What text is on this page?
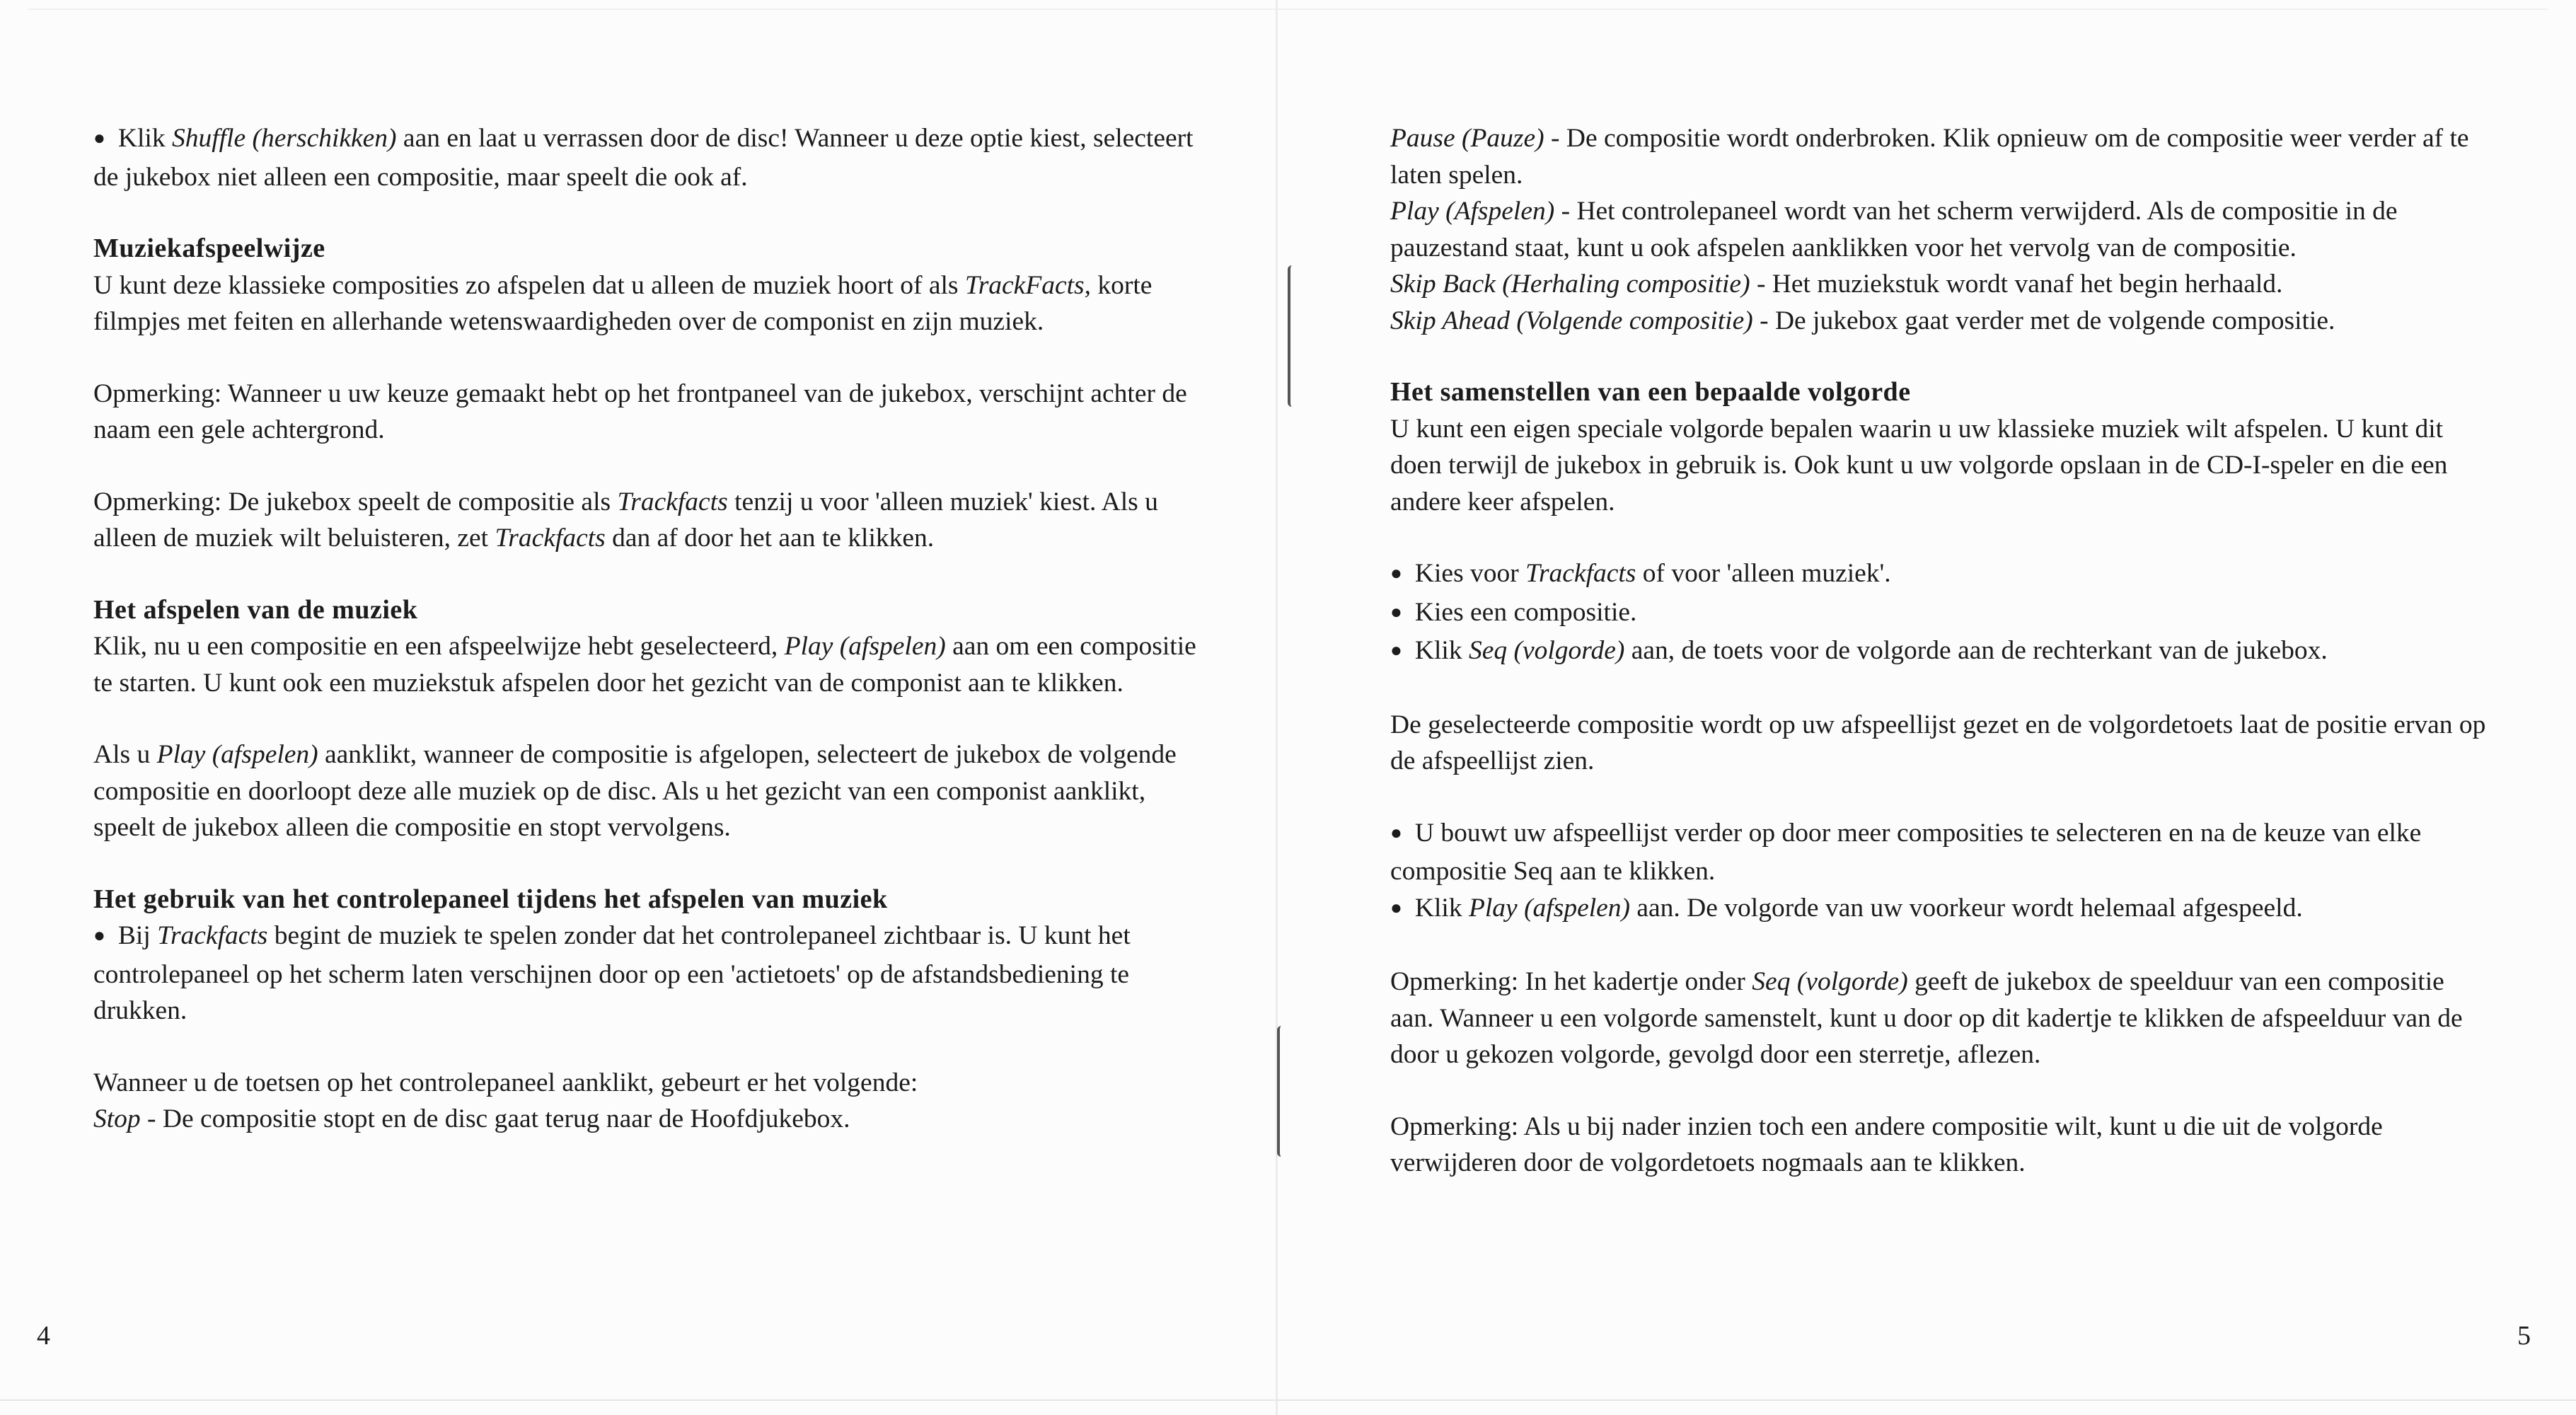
● Klik Shuffle (herschikken) aan en laat u verrassen door de disc! Wanneer u deze optie kiest, selecteert de jukebox niet alleen een compositie, maar speelt die ook af.

Muziekafspeelwijze

U kunt deze klassieke composities zo afspelen dat u alleen de muziek hoort of als TrackFacts, korte filmpjes met feiten en allerhande wetenswaardigheden over de componist en zijn muziek.

Opmerking: Wanneer u uw keuze gemaakt hebt op het frontpaneel van de jukebox, verschijnt achter de naam een gele achtergrond.

Opmerking: De jukebox speelt de compositie als Trackfacts tenzij u voor 'alleen muziek' kiest. Als u alleen de muziek wilt beluisteren, zet Trackfacts dan af door het aan te klikken.

Het afspelen van de muziek

Klik, nu u een compositie en een afspeelwijze hebt geselecteerd, Play (afspelen) aan om een compositie te starten. U kunt ook een muziekstuk afspelen door het gezicht van de componist aan te klikken.

Als u Play (afspelen) aanklikt, wanneer de compositie is afgelopen, selecteert de jukebox de volgende compositie en doorloopt deze alle muziek op de disc. Als u het gezicht van een componist aanklikt, speelt de jukebox alleen die compositie en stopt vervolgens.

Het gebruik van het controlepaneel tijdens het afspelen van muziek

● Bij Trackfacts begint de muziek te spelen zonder dat het controlepaneel zichtbaar is. U kunt het controlepaneel op het scherm laten verschijnen door op een 'actietoets' op de afstandsbediening te drukken.

Wanneer u de toetsen op het controlepaneel aanklikt, gebeurt er het volgende:

Stop - De compositie stopt en de disc gaat terug naar de Hoofdjukebox.

4

Pause (Pauze) - De compositie wordt onderbroken. Klik opnieuw om de compositie weer verder af te laten spelen.

Play (Afspelen) - Het controlepaneel wordt van het scherm verwijderd. Als de compositie in de pauzestand staat, kunt u ook afspelen aanklikken voor het vervolg van de compositie.

Skip Back (Herhaling compositie) - Het muziekstuk wordt vanaf het begin herhaald.

Skip Ahead (Volgende compositie) - De jukebox gaat verder met de volgende compositie.

Het samenstellen van een bepaalde volgorde

U kunt een eigen speciale volgorde bepalen waarin u uw klassieke muziek wilt afspelen. U kunt dit doen terwijl de jukebox in gebruik is. Ook kunt u uw volgorde opslaan in de CD-I-speler en die een andere keer afspelen.

● Kies voor Trackfacts of voor 'alleen muziek'.

● Kies een compositie.

● Klik Seq (volgorde) aan, de toets voor de volgorde aan de rechterkant van de jukebox.

De geselecteerde compositie wordt op uw afspeellijst gezet en de volgordetoets laat de positie ervan op de afspeellijst zien.

● U bouwt uw afspeellijst verder op door meer composities te selecteren en na de keuze van elke compositie Seq aan te klikken.

● Klik Play (afspelen) aan. De volgorde van uw voorkeur wordt helemaal afgespeeld.

Opmerking: In het kadertje onder Seq (volgorde) geeft de jukebox de speelduur van een compositie aan. Wanneer u een volgorde samenstelt, kunt u door op dit kadertje te klikken de afspeelduur van de door u gekozen volgorde, gevolgd door een sterretje, aflezen.

Opmerking: Als u bij nader inzien toch een andere compositie wilt, kunt u die uit de volgorde verwijderen door de volgordetoets nogmaals aan te klikken.

5
